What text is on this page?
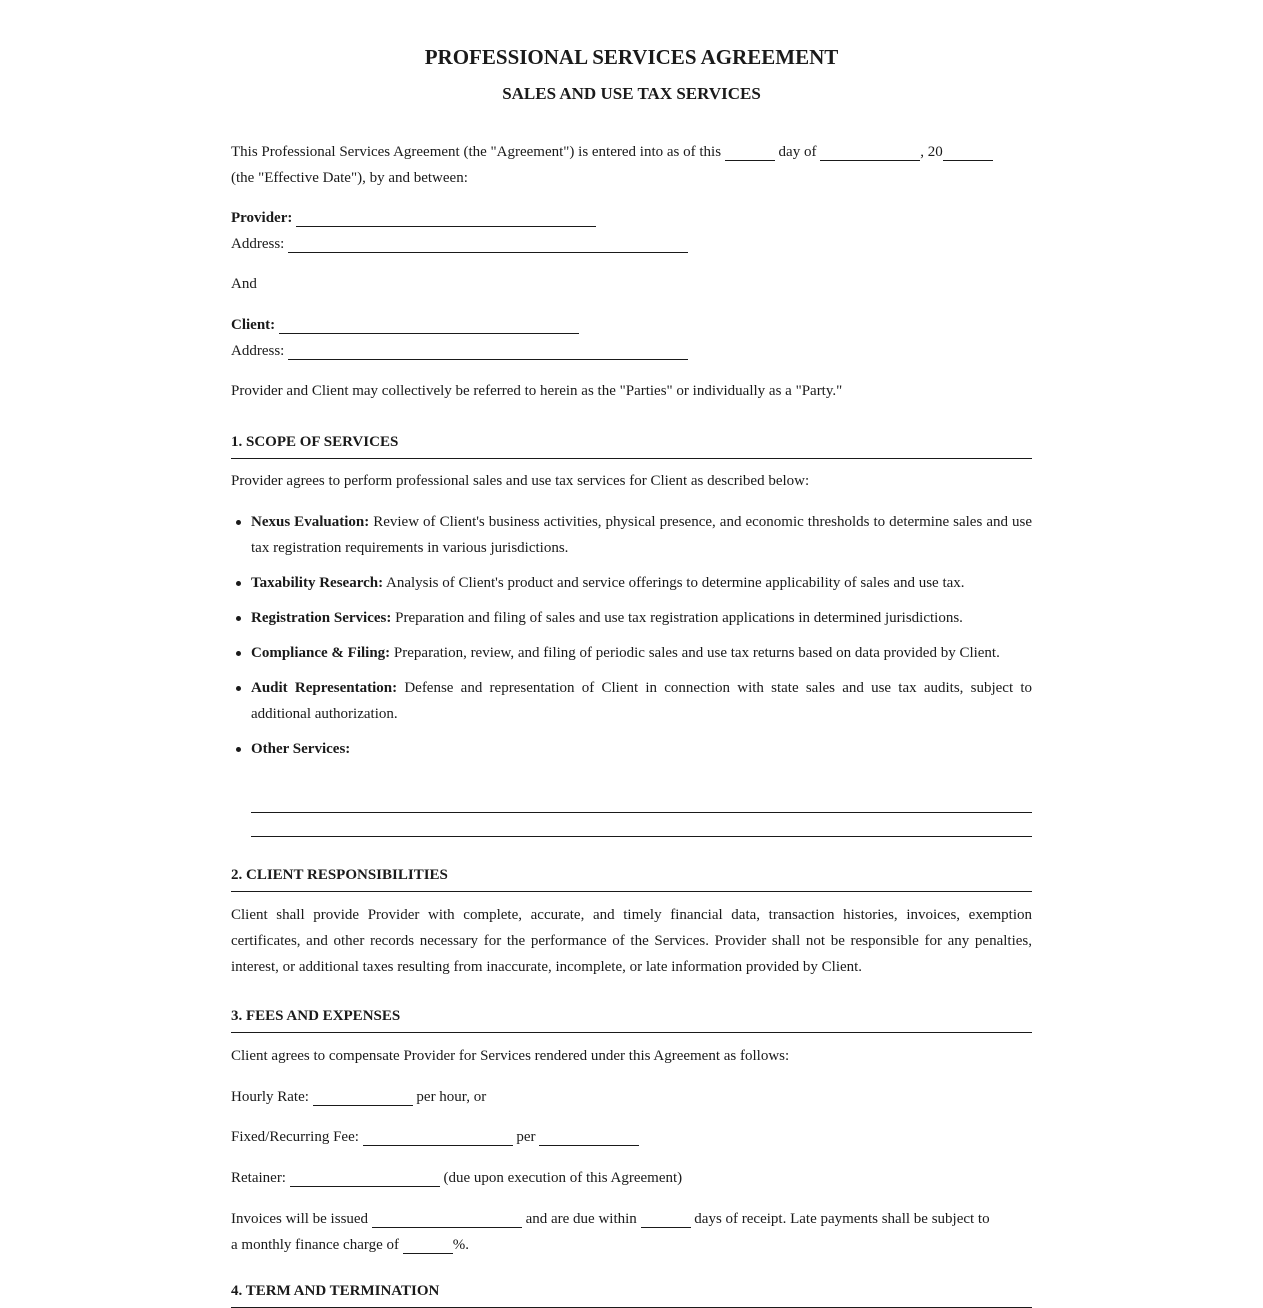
PROFESSIONAL SERVICES AGREEMENT
SALES AND USE TAX SERVICES
This Professional Services Agreement (the "Agreement") is entered into as of this	day of	, 20
(the "Effective Date"), by and between:
Provider:
Address:
And
Client:
Address:
Provider and Client may collectively be referred to herein as the "Parties" or individually as a "Party."
1. SCOPE OF SERVICES
Provider agrees to perform professional sales and use tax services for Client as described below:
Nexus Evaluation: Review of Client's business activities, physical presence, and economic thresholds to determine sales and use tax registration requirements in various jurisdictions.
Taxability Research: Analysis of Client's product and service offerings to determine applicability of sales and use tax.
Registration Services: Preparation and filing of sales and use tax registration applications in determined jurisdictions.
Compliance & Filing: Preparation, review, and filing of periodic sales and use tax returns based on data provided by Client.
Audit Representation: Defense and representation of Client in connection with state sales and use tax audits, subject to additional authorization.
Other Services:
2. CLIENT RESPONSIBILITIES

Client shall provide Provider with complete, accurate, and timely financial data, transaction histories, invoices, exemption certificates, and other records necessary for the performance of the Services. Provider shall not be responsible for any penalties, interest, or additional taxes resulting from inaccurate, incomplete, or late information provided by Client.

3. FEES AND EXPENSES
Client agrees to compensate Provider for Services rendered under this Agreement as follows:
Hourly Rate:	per hour, or
Fixed/Recurring Fee:	per
Retainer:	(due upon execution of this Agreement)
Invoices will be issued	and are due within	days of receipt. Late payments shall be subject to
a monthly finance charge of	%.
4. TERM AND TERMINATION
